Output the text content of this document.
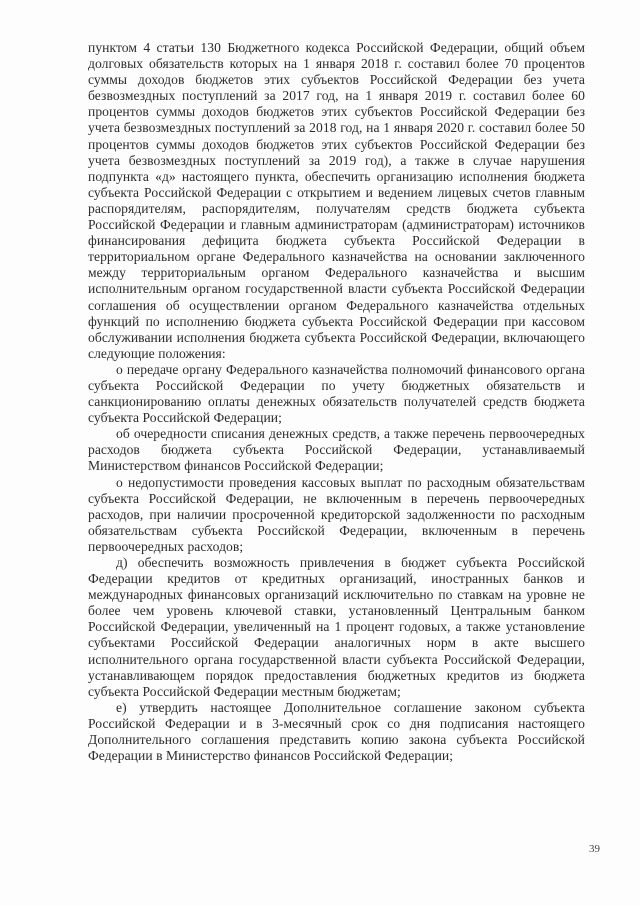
пунктом 4 статьи 130 Бюджетного кодекса Российской Федерации, общий объем долговых обязательств которых на 1 января 2018 г. составил более 70 процентов суммы доходов бюджетов этих субъектов Российской Федерации без учета безвозмездных поступлений за 2017 год, на 1 января 2019 г. составил более 60 процентов суммы доходов бюджетов этих субъектов Российской Федерации без учета безвозмездных поступлений за 2018 год, на 1 января 2020 г. составил более 50 процентов суммы доходов бюджетов этих субъектов Российской Федерации без учета безвозмездных поступлений за 2019 год), а также в случае нарушения подпункта «д» настоящего пункта, обеспечить организацию исполнения бюджета субъекта Российской Федерации с открытием и ведением лицевых счетов главным распорядителям, распорядителям, получателям средств бюджета субъекта Российской Федерации и главным администраторам (администраторам) источников финансирования дефицита бюджета субъекта Российской Федерации в территориальном органе Федерального казначейства на основании заключенного между территориальным органом Федерального казначейства и высшим исполнительным органом государственной власти субъекта Российской Федерации соглашения об осуществлении органом Федерального казначейства отдельных функций по исполнению бюджета субъекта Российской Федерации при кассовом обслуживании исполнения бюджета субъекта Российской Федерации, включающего следующие положения:

о передаче органу Федерального казначейства полномочий финансового органа субъекта Российской Федерации по учету бюджетных обязательств и санкционированию оплаты денежных обязательств получателей средств бюджета субъекта Российской Федерации;

об очередности списания денежных средств, а также перечень первоочередных расходов бюджета субъекта Российской Федерации, устанавливаемый Министерством финансов Российской Федерации;

о недопустимости проведения кассовых выплат по расходным обязательствам субъекта Российской Федерации, не включенным в перечень первоочередных расходов, при наличии просроченной кредиторской задолженности по расходным обязательствам субъекта Российской Федерации, включенным в перечень первоочередных расходов;

д) обеспечить возможность привлечения в бюджет субъекта Российской Федерации кредитов от кредитных организаций, иностранных банков и международных финансовых организаций исключительно по ставкам на уровне не более чем уровень ключевой ставки, установленный Центральным банком Российской Федерации, увеличенный на 1 процент годовых, а также установление субъектами Российской Федерации аналогичных норм в акте высшего исполнительного органа государственной власти субъекта Российской Федерации, устанавливающем порядок предоставления бюджетных кредитов из бюджета субъекта Российской Федерации местным бюджетам;

е) утвердить настоящее Дополнительное соглашение законом субъекта Российской Федерации и в 3-месячный срок со дня подписания настоящего Дополнительного соглашения представить копию закона субъекта Российской Федерации в Министерство финансов Российской Федерации;

39
